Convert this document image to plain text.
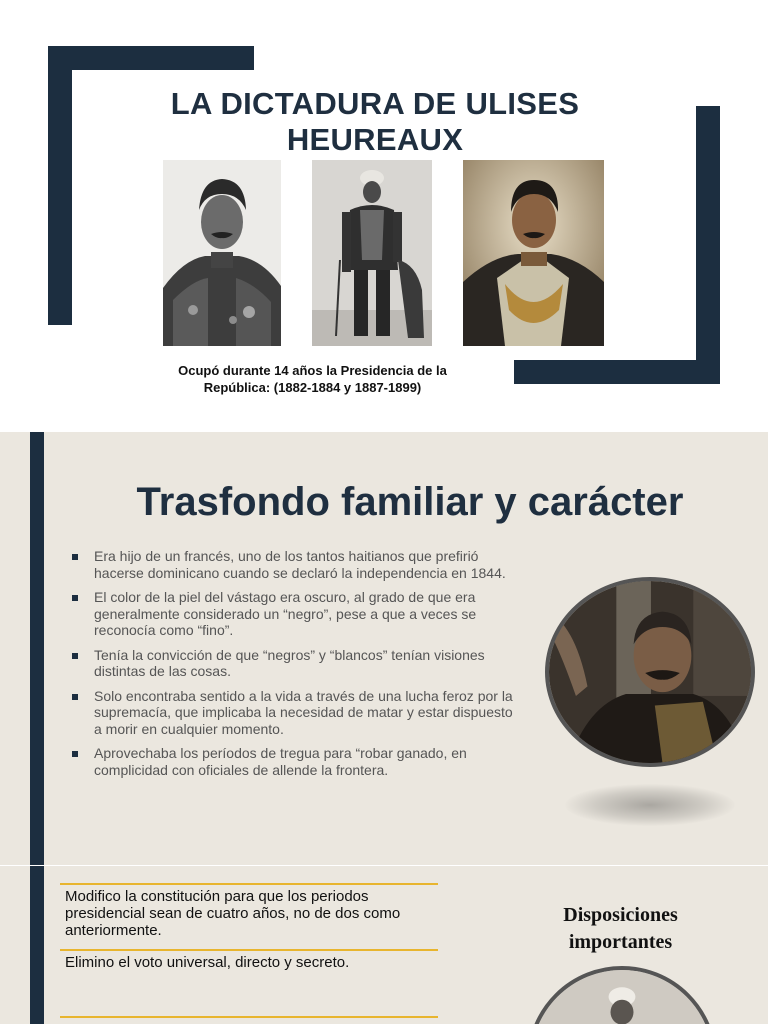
LA DICTADURA DE ULISES
HEUREAUX

Ocupó durante 14 años la Presidencia de la
República: (1882-1884 y 1887-1899)

Trasfondo familiar y carácter
Era hijo de un francés, uno de los tantos haitianos que prefirió hacerse dominicano cuando se declaró la independencia en 1844.
El color de la piel del vástago era oscuro, al grado de que era generalmente considerado un “negro”, pese a que a veces se reconocía como “fino”.
Tenía la convicción de que “negros” y “blancos” tenían visiones distintas de las cosas.
Solo encontraba sentido a la vida a través de una lucha feroz por la supremacía, que implicaba la necesidad de matar y estar dispuesto a morir en cualquier momento.
Aprovechaba los períodos de tregua para “robar ganado, en complicidad con oficiales de allende la frontera.
Modifico la constitución para que los periodos presidencial sean de cuatro años, no de dos como anteriormente.
Elimino el voto universal, directo y secreto.
Disposiciones
importantes
